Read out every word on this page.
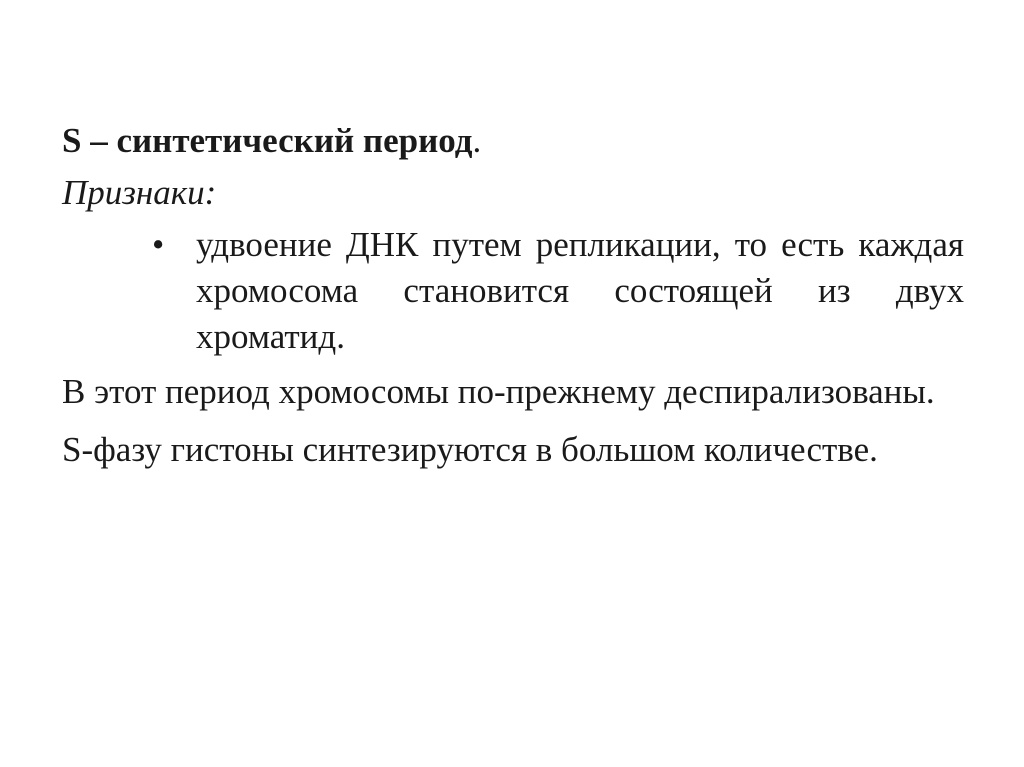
S – синтетический период.

Признаки:

• удвоение ДНК путем репликации, то есть каждая хромосома становится состоящей из двух хроматид.

В этот период хромосомы по-прежнему деспирализованы.

S-фазу гистоны синтезируются в большом количестве.
